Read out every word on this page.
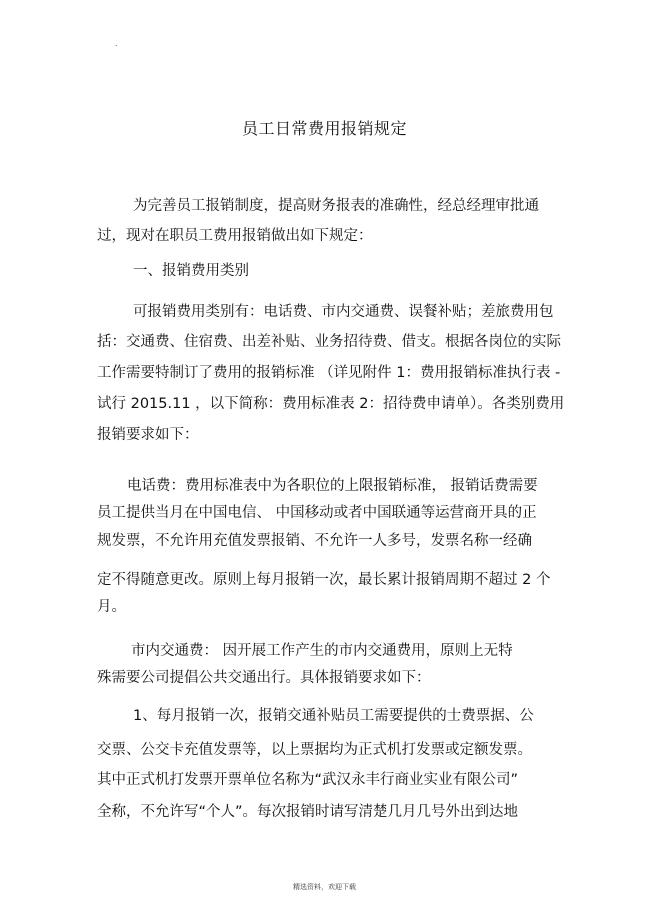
.
员工日常费用报销规定
为完善员工报销制度，提高财务报表的准确性，经总经理审批通
过，现对在职员工费用报销做出如下规定：
一、报销费用类别
可报销费用类别有：电话费、市内交通费、误餐补贴；差旅费用包
括：交通费、住宿费、出差补贴、业务招待费、借支。根据各岗位的实际
工作需要特制订了费用的报销标准 （详见附件 1：费用报销标准执行表 -
试行 2015.11 ，以下简称：费用标准表 2：招待费申请单）。各类别费用
报销要求如下：
电话费：费用标准表中为各职位的上限报销标准， 报销话费需要
员工提供当月在中国电信、 中国移动或者中国联通等运营商开具的正
规发票，不允许用充值发票报销、不允许一人多号，发票名称一经确
定不得随意更改。原则上每月报销一次，最长累计报销周期不超过 2 个
月。
市内交通费： 因开展工作产生的市内交通费用，原则上无特
殊需要公司提倡公共交通出行。具体报销要求如下：
1、每月报销一次，报销交通补贴员工需要提供的士费票据、公
交票、公交卡充值发票等，以上票据均为正式机打发票或定额发票。
其中正式机打发票开票单位名称为“武汉永丰行商业实业有限公司”
全称，不允许写“个人”。每次报销时请写清楚几月几号外出到达地
精选资料，欢迎下载
